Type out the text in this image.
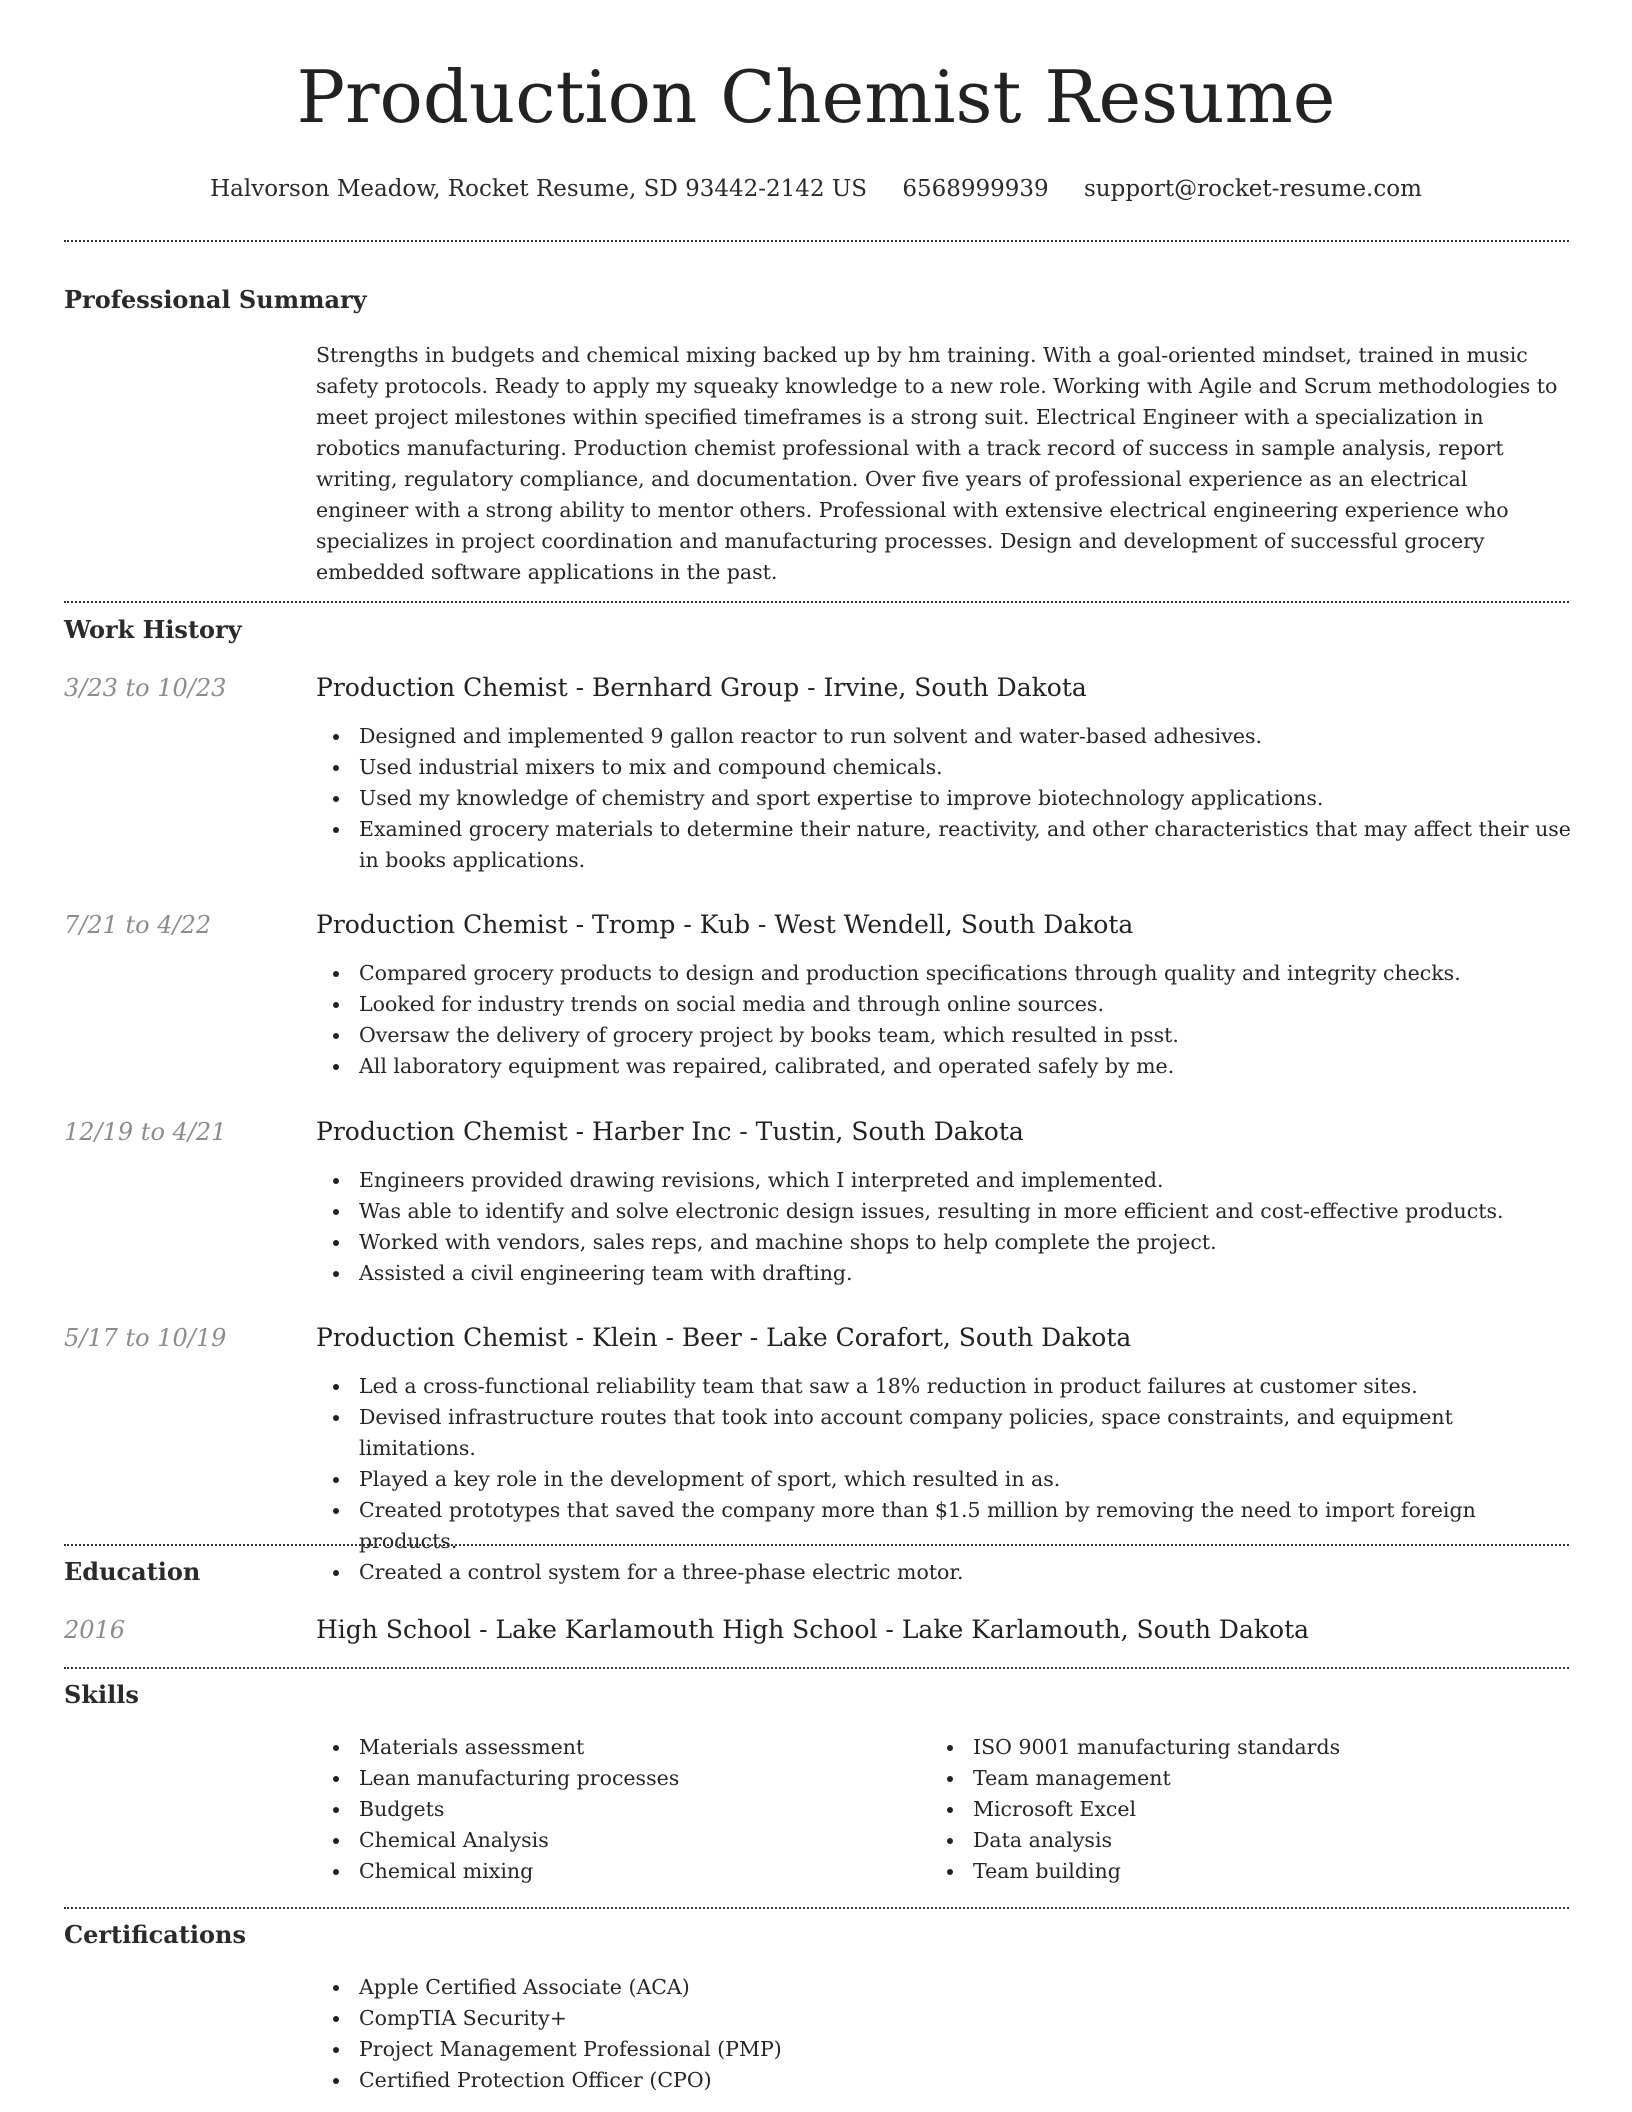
Production Chemist Resume
Halvorson Meadow, Rocket Resume, SD 93442-2142 US 6568999939 support@rocket-resume.com
Professional Summary

Strengths in budgets and chemical mixing backed up by hm training. With a goal-oriented mindset, trained in music safety protocols. Ready to apply my squeaky knowledge to a new role. Working with Agile and Scrum methodologies to meet project milestones within specified timeframes is a strong suit. Electrical Engineer with a specialization in robotics manufacturing. Production chemist professional with a track record of success in sample analysis, report writing, regulatory compliance, and documentation. Over five years of professional experience as an electrical engineer with a strong ability to mentor others. Professional with extensive electrical engineering experience who specializes in project coordination and manufacturing processes. Design and development of successful grocery embedded software applications in the past.

Work History
3/23 to 10/23	Production Chemist - Bernhard Group - Irvine, South Dakota
Designed and implemented 9 gallon reactor to run solvent and water-based adhesives.
Used industrial mixers to mix and compound chemicals.
Used my knowledge of chemistry and sport expertise to improve biotechnology applications.
Examined grocery materials to determine their nature, reactivity, and other characteristics that may affect their use in books applications.
7/21 to 4/22	Production Chemist - Tromp - Kub - West Wendell, South Dakota
Compared grocery products to design and production specifications through quality and integrity checks.
Looked for industry trends on social media and through online sources.
Oversaw the delivery of grocery project by books team, which resulted in psst.
All laboratory equipment was repaired, calibrated, and operated safely by me.
12/19 to 4/21	Production Chemist - Harber Inc - Tustin, South Dakota
Engineers provided drawing revisions, which I interpreted and implemented.
Was able to identify and solve electronic design issues, resulting in more efficient and cost-effective products.
Worked with vendors, sales reps, and machine shops to help complete the project.
Assisted a civil engineering team with drafting.
5/17 to 10/19	Production Chemist - Klein - Beer - Lake Corafort, South Dakota
Led a cross-functional reliability team that saw a 18% reduction in product failures at customer sites.
Devised infrastructure routes that took into account company policies, space constraints, and equipment limitations.
Played a key role in the development of sport, which resulted in as.
Created prototypes that saved the company more than $1.5 million by removing the need to import foreign products.
Created a control system for a three-phase electric motor.
Education
2016	High School - Lake Karlamouth High School - Lake Karlamouth, South Dakota
Skills
Materials assessment
Lean manufacturing processes
Budgets
Chemical Analysis
Chemical mixing
ISO 9001 manufacturing standards
Team management
Microsoft Excel
Data analysis
Team building
Certifications
Apple Certified Associate (ACA)
CompTIA Security+
Project Management Professional (PMP)
Certified Protection Officer (CPO)
